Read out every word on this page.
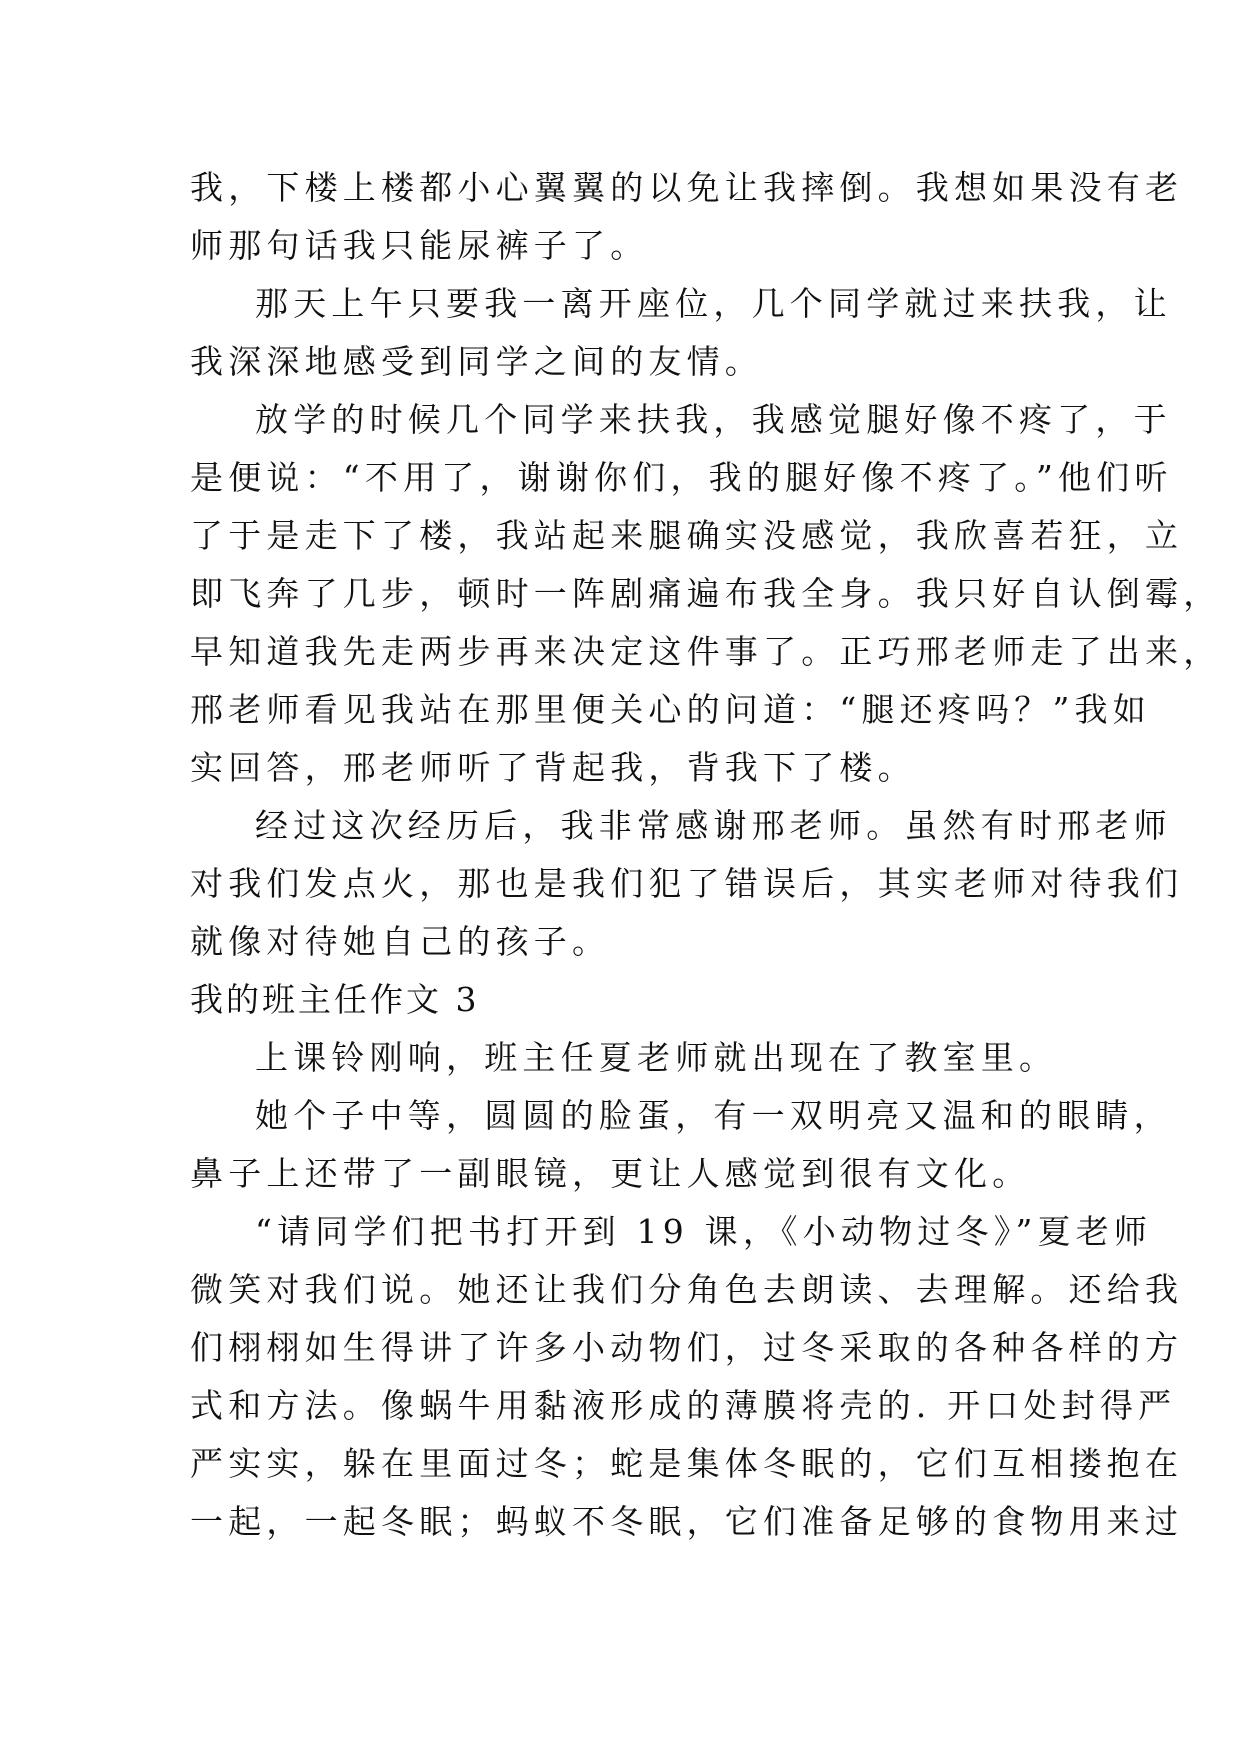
我，下楼上楼都小心翼翼的以免让我摔倒。我想如果没有老
师那句话我只能尿裤子了。
那天上午只要我一离开座位，几个同学就过来扶我，让
我深深地感受到同学之间的友情。
放学的时候几个同学来扶我，我感觉腿好像不疼了，于
是便说：“不用了，谢谢你们，我的腿好像不疼了。”他们听
了于是走下了楼，我站起来腿确实没感觉，我欣喜若狂，立
即飞奔了几步，顿时一阵剧痛遍布我全身。我只好自认倒霉，
早知道我先走两步再来决定这件事了。正巧邢老师走了出来，
邢老师看见我站在那里便关心的问道：“腿还疼吗？”我如
实回答，邢老师听了背起我，背我下了楼。
经过这次经历后，我非常感谢邢老师。虽然有时邢老师
对我们发点火，那也是我们犯了错误后，其实老师对待我们
就像对待她自己的孩子。
我的班主任作文 3
上课铃刚响，班主任夏老师就出现在了教室里。
她个子中等，圆圆的脸蛋，有一双明亮又温和的眼睛，
鼻子上还带了一副眼镜，更让人感觉到很有文化。
“请同学们把书打开到 19 课，《小动物过冬》”夏老师
微笑对我们说。她还让我们分角色去朗读、去理解。还给我
们栩栩如生得讲了许多小动物们，过冬采取的各种各样的方
式和方法。像蜗牛用黏液形成的薄膜将壳的. 开口处封得严
严实实，躲在里面过冬；蛇是集体冬眠的，它们互相搂抱在
一起，一起冬眠；蚂蚁不冬眠，它们准备足够的食物用来过
